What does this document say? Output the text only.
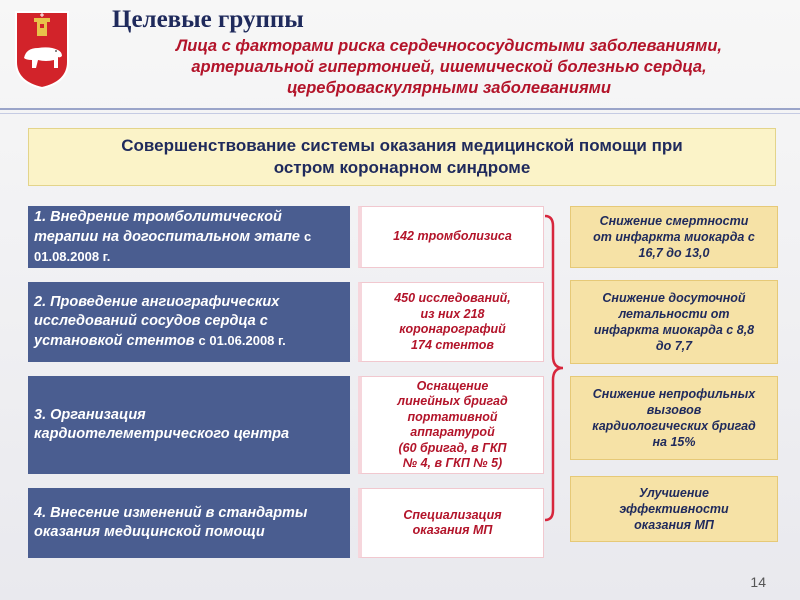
Целевые группы
Лица с факторами риска сердечнососудистыми заболеваниями,
артериальной гипертонией, ишемической болезнью сердца,
цереброваскулярными заболеваниями
Совершенствование системы оказания медицинской помощи при
остром коронарном синдроме
1. Внедрение тромболитической терапии на догоспитальном этапе с 01.08.2008 г.
2. Проведение ангиографических исследований сосудов сердца с установкой стентов с 01.06.2008 г.
3. Организация кардиотелеметрического центра
4. Внесение изменений в стандарты оказания медицинской помощи
142 тромболизиса
450 исследований,
из них 218
коронарографий
174 стентов
Оснащение
линейных бригад
портативной
аппаратурой
(60 бригад, в ГКП
№ 4, в ГКП № 5)
Специализация
оказания МП
Снижение смертности
от инфаркта миокарда с
16,7 до 13,0
Снижение досуточной
летальности от
инфаркта миокарда с 8,8
до 7,7
Снижение непрофильных
вызовов
кардиологических бригад
на 15%
Улучшение
эффективности
оказания МП
14
